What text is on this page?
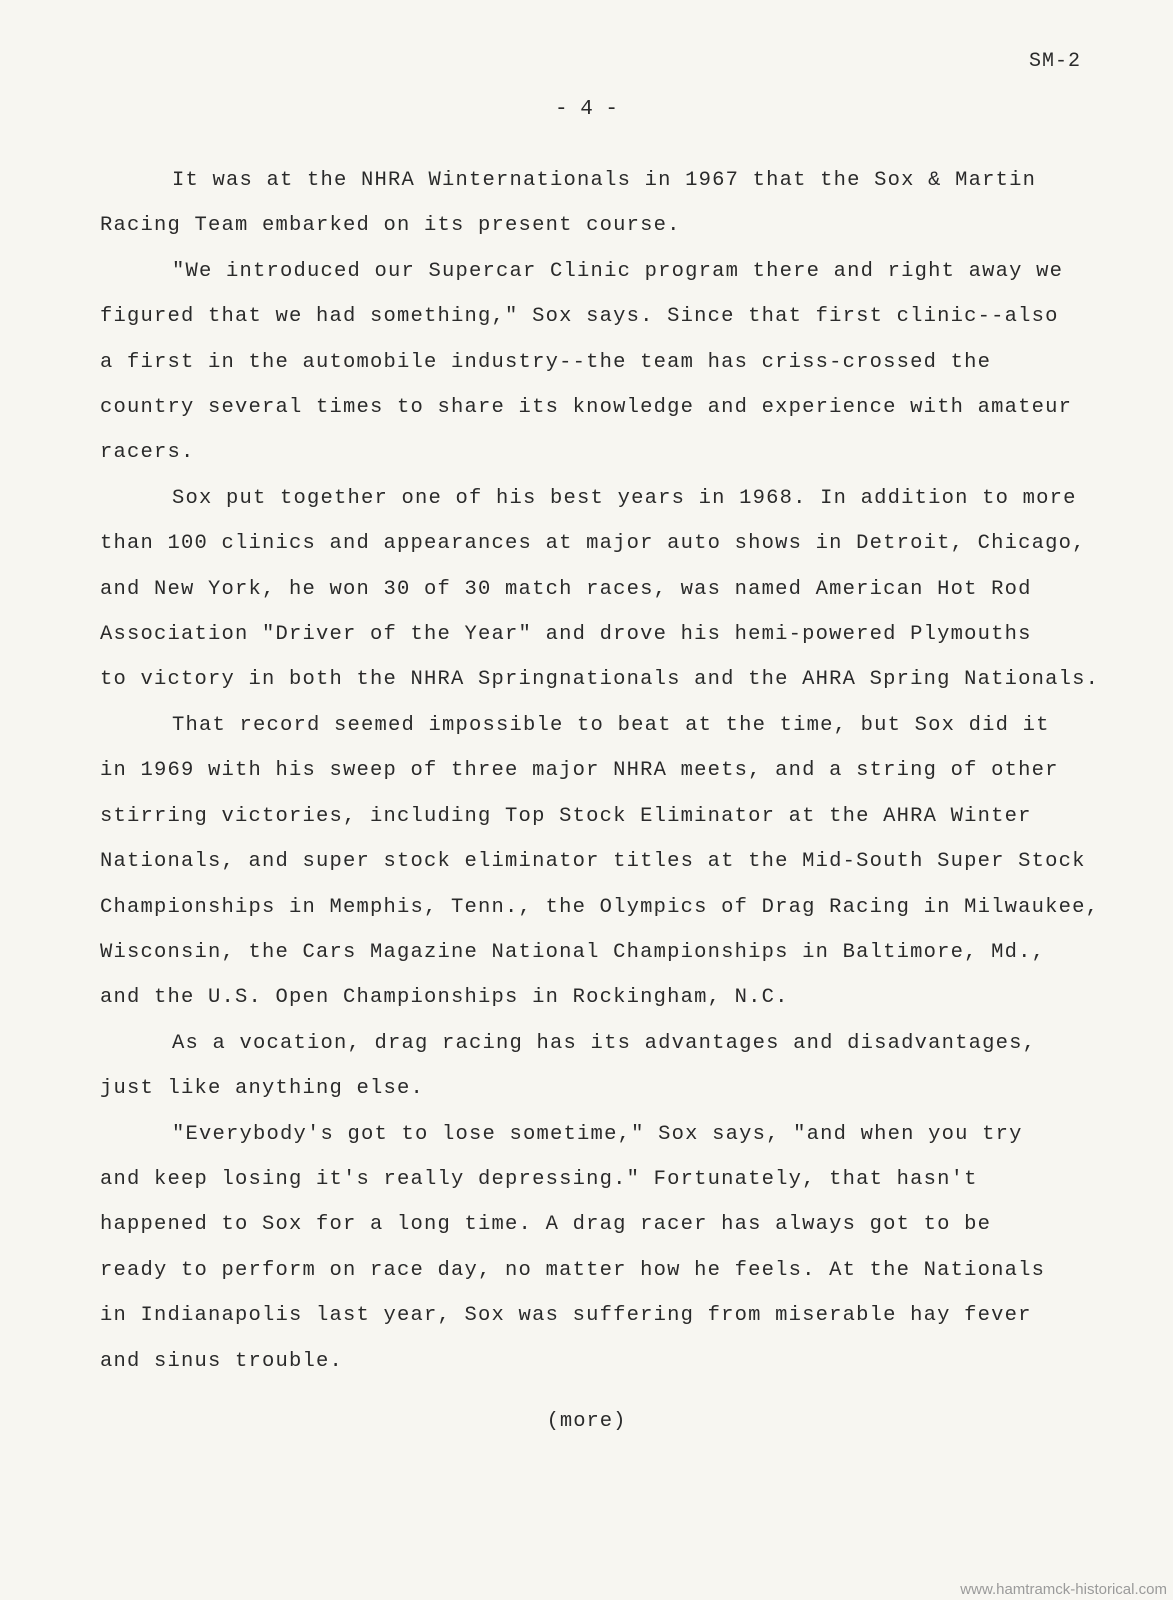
SM-2
- 4 -

It was at the NHRA Winternationals in 1967 that the Sox & Martin
Racing Team embarked on its present course.

"We introduced our Supercar Clinic program there and right away we
figured that we had something," Sox says. Since that first clinic--also
a first in the automobile industry--the team has criss-crossed the
country several times to share its knowledge and experience with amateur
racers.

Sox put together one of his best years in 1968. In addition to more
than 100 clinics and appearances at major auto shows in Detroit, Chicago,
and New York, he won 30 of 30 match races, was named American Hot Rod
Association "Driver of the Year" and drove his hemi-powered Plymouths
to victory in both the NHRA Springnationals and the AHRA Spring Nationals.

That record seemed impossible to beat at the time, but Sox did it
in 1969 with his sweep of three major NHRA meets, and a string of other
stirring victories, including Top Stock Eliminator at the AHRA Winter
Nationals, and super stock eliminator titles at the Mid-South Super Stock
Championships in Memphis, Tenn., the Olympics of Drag Racing in Milwaukee,
Wisconsin, the Cars Magazine National Championships in Baltimore, Md.,
and the U.S. Open Championships in Rockingham, N.C.

As a vocation, drag racing has its advantages and disadvantages,
just like anything else.

"Everybody's got to lose sometime," Sox says, "and when you try
and keep losing it's really depressing." Fortunately, that hasn't
happened to Sox for a long time. A drag racer has always got to be
ready to perform on race day, no matter how he feels. At the Nationals
in Indianapolis last year, Sox was suffering from miserable hay fever
and sinus trouble.

(more)
www.hamtramck-historical.com
